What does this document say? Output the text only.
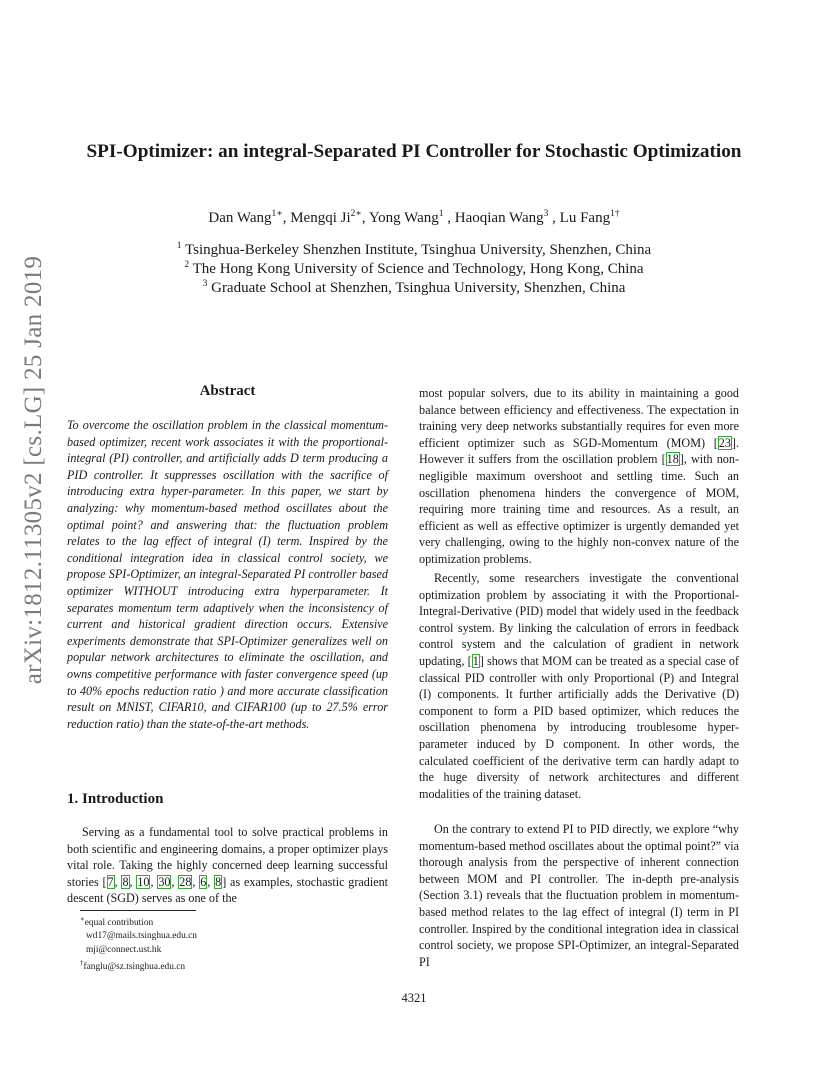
arXiv:1812.11305v2 [cs.LG] 25 Jan 2019
SPI-Optimizer: an integral-Separated PI Controller for Stochastic Optimization
Dan Wang$^{1∗}$, Mengqi $Ji^{2∗}$, Yong Wang$^1$ , Haoqian Wang$^3$ , Lu Fang$^{1\dagger}$
$^1$ Tsinghua-Berkeley Shenzhen Institute, Tsinghua University, Shenzhen, China
$^2$ The Hong Kong University of Science and Technology, Hong Kong, China
$^3$ Graduate School at Shenzhen, Tsinghua University, Shenzhen, China
Abstract
To overcome the oscillation problem in the classical momentum-based optimizer, recent work associates it with the proportional-integral (PI) controller, and artificially adds D term producing a PID controller. It suppresses oscillation with the sacrifice of introducing extra hyper-parameter. In this paper, we start by analyzing: why momentum-based method oscillates about the optimal point? and answering that: the fluctuation problem relates to the lag effect of integral (I) term. Inspired by the conditional integration idea in classical control society, we propose SPI-Optimizer, an integral-Separated PI controller based optimizer WITHOUT introducing extra hyperparameter. It separates momentum term adaptively when the inconsistency of current and historical gradient direction occurs. Extensive experiments demonstrate that SPI-Optimizer generalizes well on popular network architectures to eliminate the oscillation, and owns competitive performance with faster convergence speed (up to 40% epochs reduction ratio ) and more accurate classification result on MNIST, CIFAR10, and CIFAR100 (up to 27.5% error reduction ratio) than the state-of-the-art methods.
1. Introduction
Serving as a fundamental tool to solve practical problems in both scientific and engineering domains, a proper optimizer plays vital role. Taking the highly concerned deep learning successful stories [7, 8, 10, 30, 28, 6, 8] as examples, stochastic gradient descent (SGD) serves as one of the
∗equal contribution
wd17@mails.tsinghua.edu.cn
mji@connect.ust.hk
†fanglu@sz.tsinghua.edu.cn
most popular solvers, due to its ability in maintaining a good balance between efficiency and effectiveness. The expectation in training very deep networks substantially requires for even more efficient optimizer such as SGD-Momentum (MOM) [23]. However it suffers from the oscillation problem [18], with non-negligible maximum overshoot and settling time. Such an oscillation phenomena hinders the convergence of MOM, requiring more training time and resources. As a result, an efficient as well as effective optimizer is urgently demanded yet very challenging, owing to the highly non-convex nature of the optimization problems.
Recently, some researchers investigate the conventional optimization problem by associating it with the Proportional-Integral-Derivative (PID) model that widely used in the feedback control system. By linking the calculation of errors in feedback control system and the calculation of gradient in network updating, [1] shows that MOM can be treated as a special case of classical PID controller with only Proportional (P) and Integral (I) components. It further artificially adds the Derivative (D) component to form a PID based optimizer, which reduces the oscillation phenomena by introducing troublesome hyper-parameter induced by D component. In other words, the calculated coefficient of the derivative term can hardly adapt to the huge diversity of network architectures and different modalities of the training dataset.
On the contrary to extend PI to PID directly, we explore “why momentum-based method oscillates about the optimal point?” via thorough analysis from the perspective of inherent connection between MOM and PI controller. The in-depth pre-analysis (Section 3.1) reveals that the fluctuation problem in momentum-based method relates to the lag effect of integral (I) term in PI controller. Inspired by the conditional integration idea in classical control society, we propose SPI-Optimizer, an integral-Separated PI
4321
